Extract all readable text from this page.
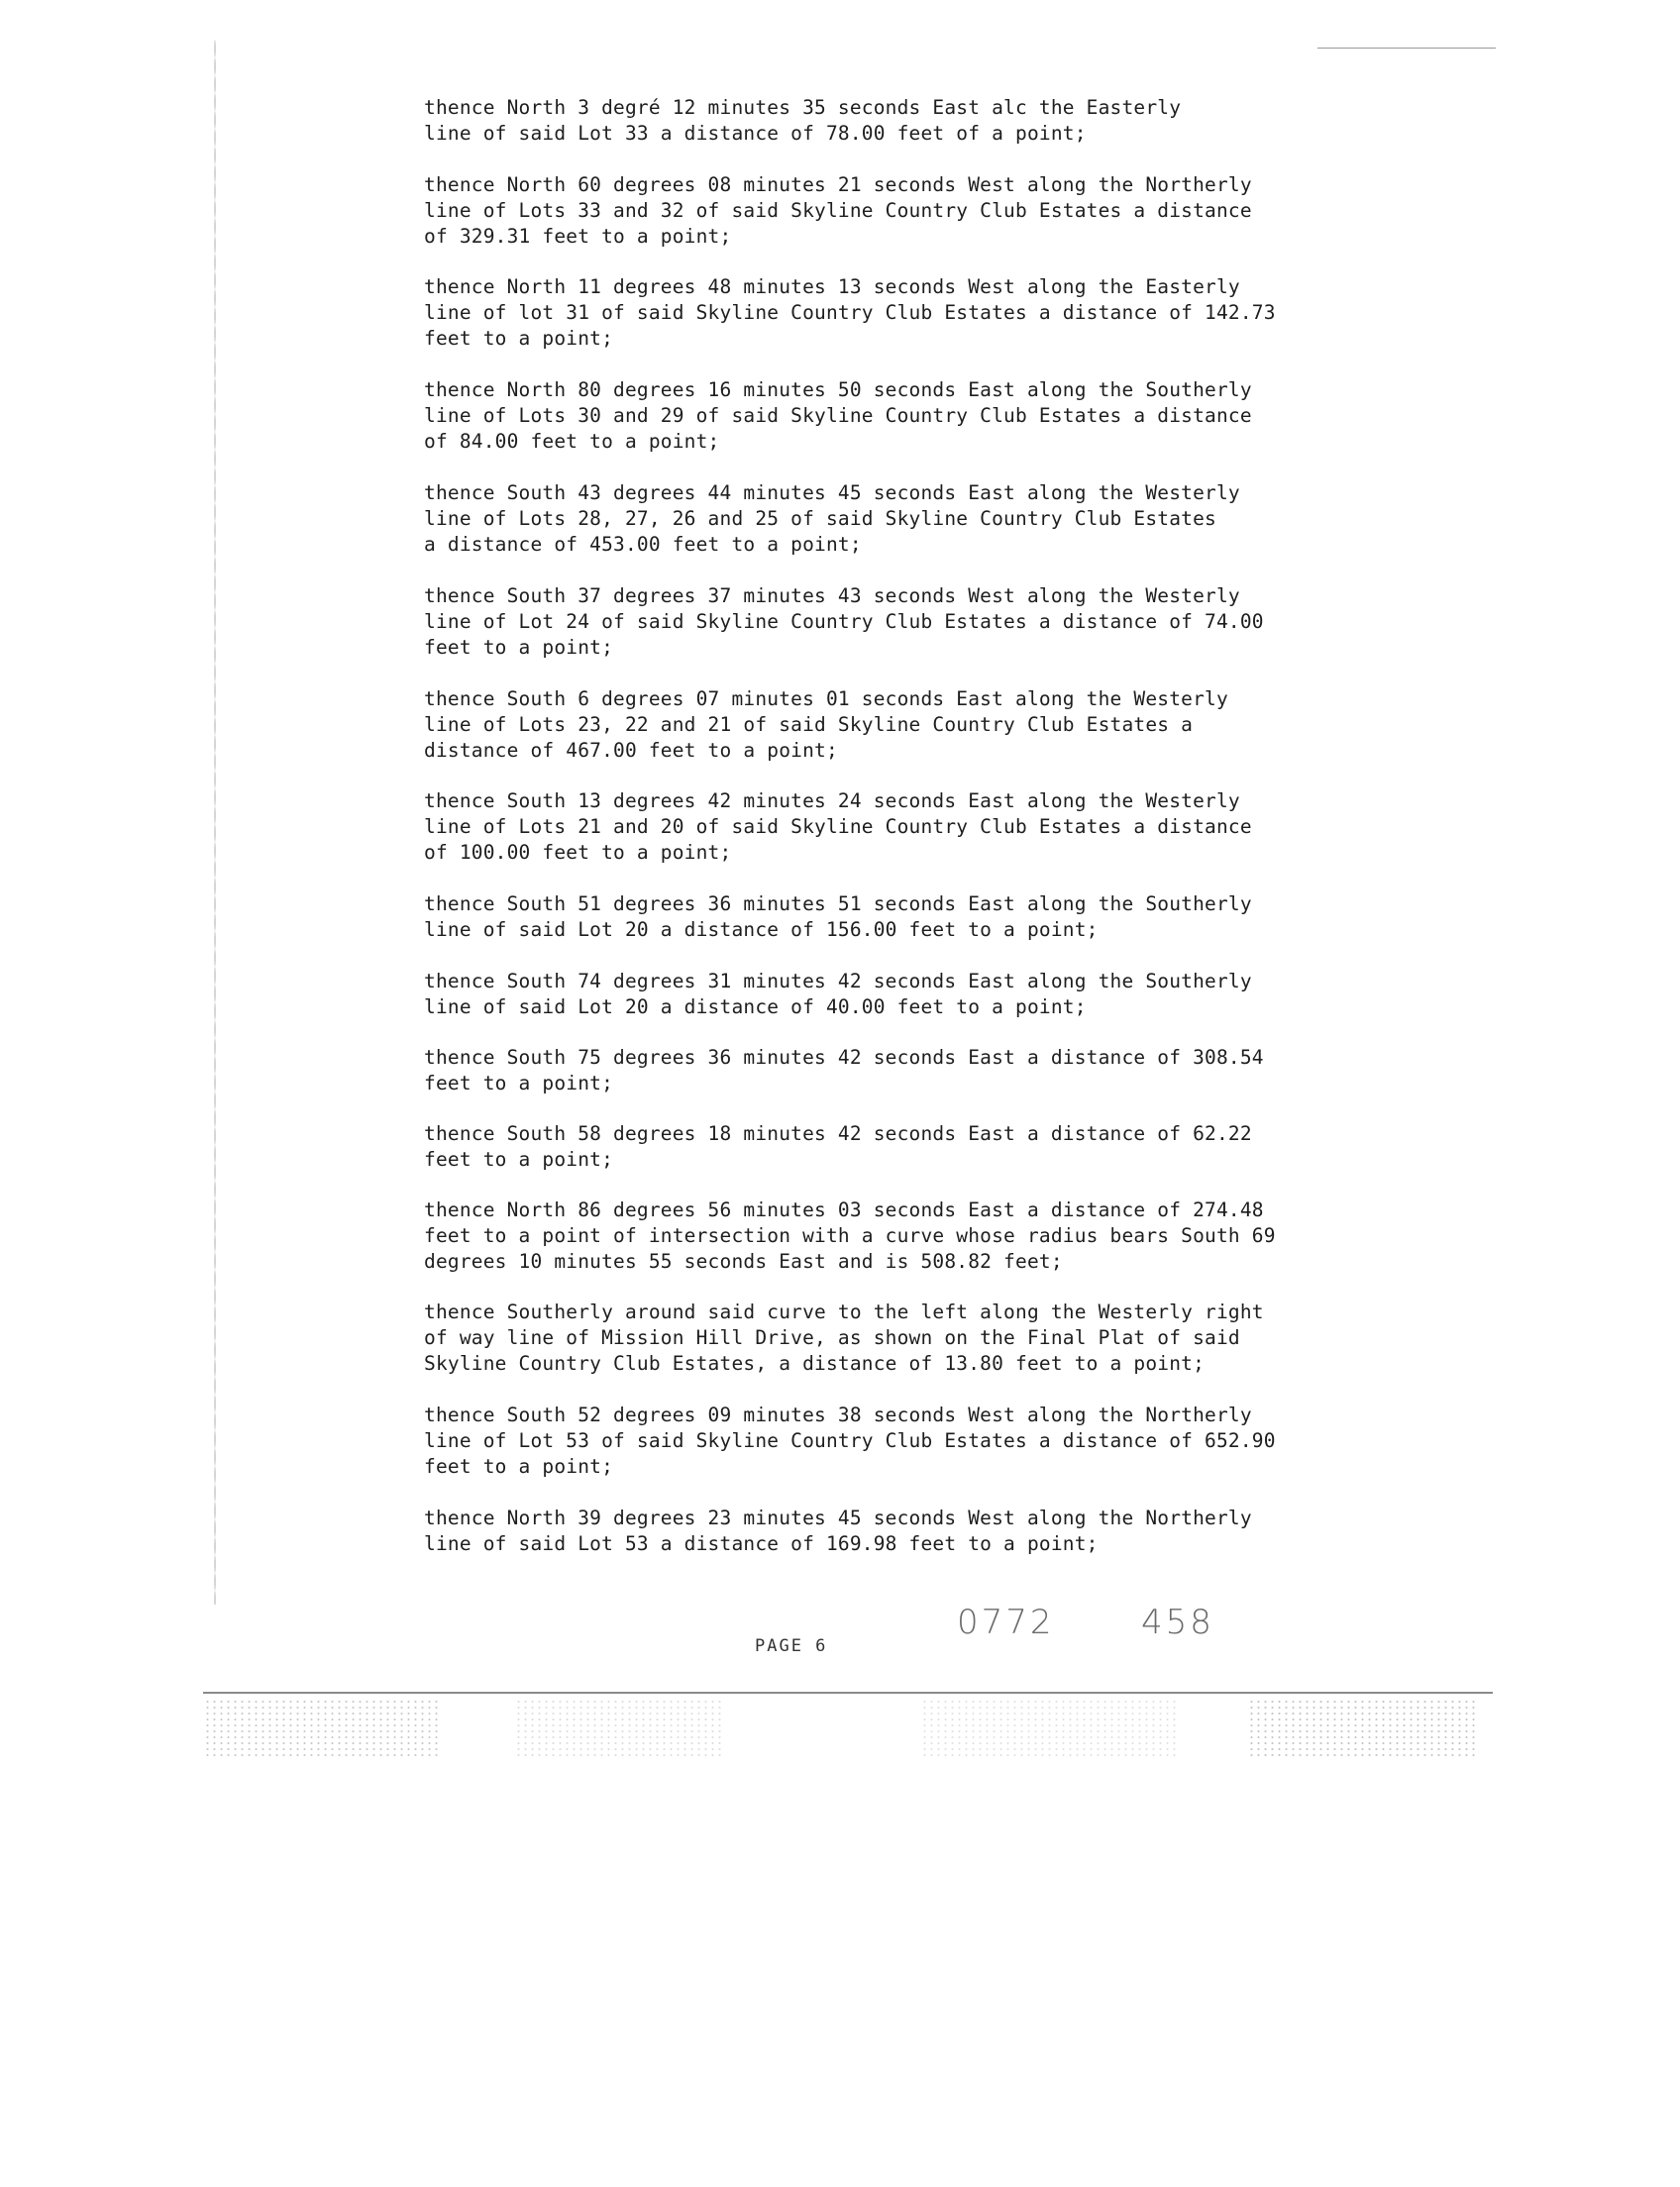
thence North 3 degré 12 minutes 35 seconds East alc the Easterly
line of said Lot 33 a distance of 78.00 feet of a point;
thence North 60 degrees 08 minutes 21 seconds West along the Northerly
line of Lots 33 and 32 of said Skyline Country Club Estates a distance
of 329.31 feet to a point;
thence North 11 degrees 48 minutes 13 seconds West along the Easterly
line of lot 31 of said Skyline Country Club Estates a distance of 142.73
feet to a point;
thence North 80 degrees 16 minutes 50 seconds East along the Southerly
line of Lots 30 and 29 of said Skyline Country Club Estates a distance
of 84.00 feet to a point;
thence South 43 degrees 44 minutes 45 seconds East along the Westerly
line of Lots 28, 27, 26 and 25 of said Skyline Country Club Estates
a distance of 453.00 feet to a point;
thence South 37 degrees 37 minutes 43 seconds West along the Westerly
line of Lot 24 of said Skyline Country Club Estates a distance of 74.00
feet to a point;
thence South 6 degrees 07 minutes 01 seconds East along the Westerly
line of Lots 23, 22 and 21 of said Skyline Country Club Estates a
distance of 467.00 feet to a point;
thence South 13 degrees 42 minutes 24 seconds East along the Westerly
line of Lots 21 and 20 of said Skyline Country Club Estates a distance
of 100.00 feet to a point;
thence South 51 degrees 36 minutes 51 seconds East along the Southerly
line of said Lot 20 a distance of 156.00 feet to a point;
thence South 74 degrees 31 minutes 42 seconds East along the Southerly
line of said Lot 20 a distance of 40.00 feet to a point;
thence South 75 degrees 36 minutes 42 seconds East a distance of 308.54
feet to a point;
thence South 58 degrees 18 minutes 42 seconds East a distance of 62.22
feet to a point;
thence North 86 degrees 56 minutes 03 seconds East a distance of 274.48
feet to a point of intersection with a curve whose radius bears South 69
degrees 10 minutes 55 seconds East and is 508.82 feet;
thence Southerly around said curve to the left along the Westerly right
of way line of Mission Hill Drive, as shown on the Final Plat of said
Skyline Country Club Estates, a distance of 13.80 feet to a point;
thence South 52 degrees 09 minutes 38 seconds West along the Northerly
line of Lot 53 of said Skyline Country Club Estates a distance of 652.90
feet to a point;
thence North 39 degrees 23 minutes 45 seconds West along the Northerly
line of said Lot 53 a distance of 169.98 feet to a point;
0772	458
PAGE 6
